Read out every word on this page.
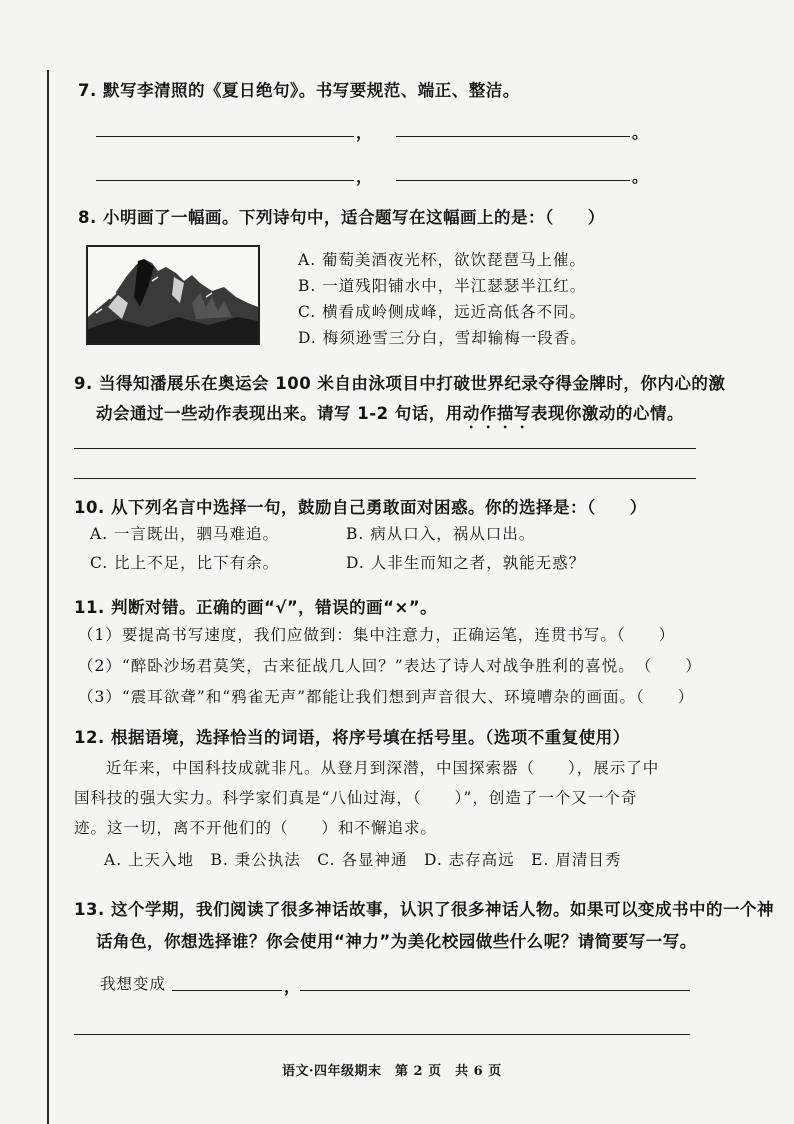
7. 默写李清照的《夏日绝句》。书写要规范、端正、整洁。
，	。
，	。
8. 小明画了一幅画。下列诗句中，适合题写在这幅画上的是：（　　）
A. 葡萄美酒夜光杯，欲饮琵琶马上催。
B. 一道残阳铺水中，半江瑟瑟半江红。
C. 横看成岭侧成峰，远近高低各不同。
D. 梅须逊雪三分白，雪却输梅一段香。
9. 当得知潘展乐在奥运会 100 米自由泳项目中打破世界纪录夺得金牌时，你内心的激
动会通过一些动作表现出来。请写 1-2 句话，用动作描写表现你激动的心情。
10. 从下列名言中选择一句，鼓励自己勇敢面对困惑。你的选择是：（　　）
A. 一言既出，驷马难追。	B. 病从口入，祸从口出。
C. 比上不足，比下有余。	D. 人非生而知之者，孰能无惑？
11. 判断对错。正确的画“√”，错误的画“×”。
（1）要提高书写速度，我们应做到：集中注意力，正确运笔，连贯书写。（　　）
（2）“醉卧沙场君莫笑，古来征战几人回？”表达了诗人对战争胜利的喜悦。　（　　）
（3）“震耳欲聋”和“鸦雀无声”都能让我们想到声音很大、环境嘈杂的画面。（　　）
12. 根据语境，选择恰当的词语，将序号填在括号里。（选项不重复使用）
近年来，中国科技成就非凡。从登月到深潜，中国探索器（　　），展示了中
国科技的强大实力。科学家们真是“八仙过海，（　　）”，创造了一个又一个奇
迹。这一切，离不开他们的（　　）和不懈追求。
A. 上天入地　B. 秉公执法　C. 各显神通　D. 志存高远　E. 眉清目秀
13. 这个学期，我们阅读了很多神话故事，认识了很多神话人物。如果可以变成书中的一个神
话角色，你想选择谁？你会使用“神力”为美化校园做些什么呢？请简要写一写。
我想变成	，
语文·四年级期末　第 2 页　共 6 页
